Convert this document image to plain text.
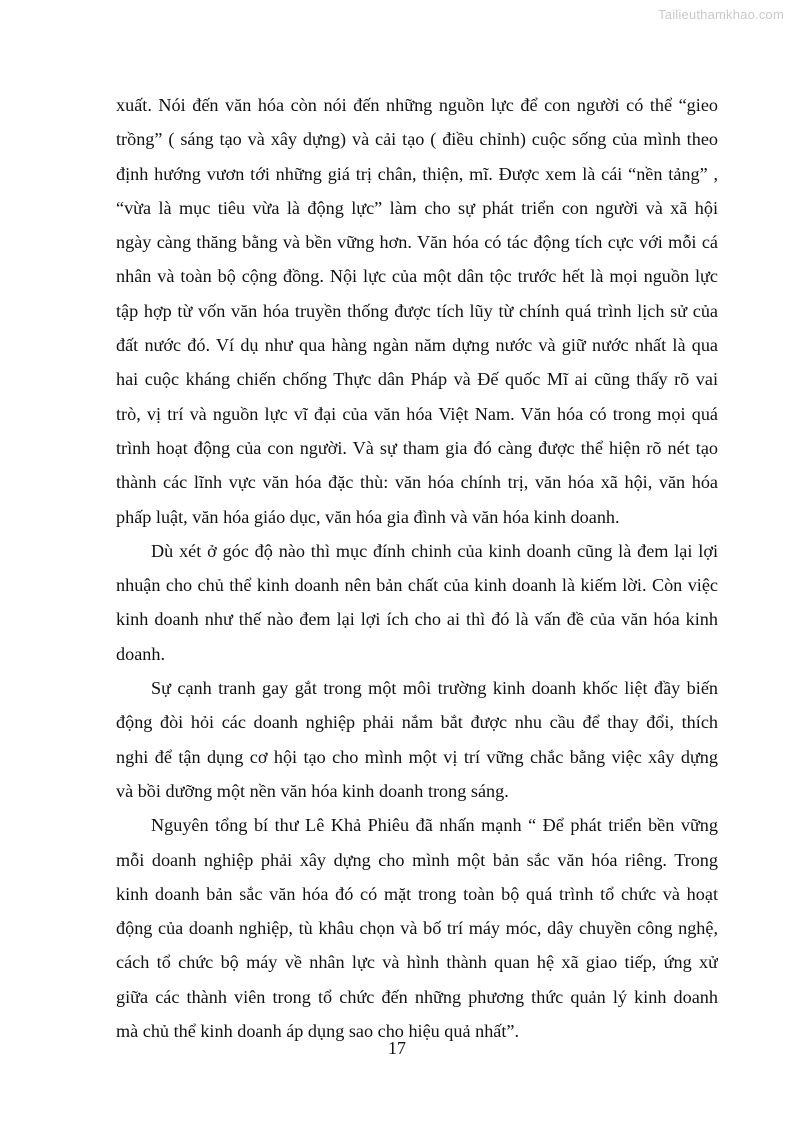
Tailieuthamkhao.com
xuất. Nói đến văn hóa còn nói đến những nguồn lực để con người có thể “gieo
trồng” ( sáng tạo và xây dựng) và cải tạo ( điều chỉnh) cuộc sống của mình theo
định hướng vươn tới những giá trị chân, thiện, mĩ. Được xem là cái “nền tảng” ,
“vừa là mục tiêu vừa là động lực” làm cho sự phát triển con người và xã hội
ngày càng thăng bằng và bền vững hơn. Văn hóa có tác động tích cực với mỗi cá
nhân và toàn bộ cộng đồng. Nội lực của một dân tộc trước hết là mọi nguồn lực
tập hợp từ vốn văn hóa truyền thống được tích lũy từ chính quá trình lịch sử của
đất nước đó. Ví dụ như qua hàng ngàn năm dựng nước và giữ nước nhất là qua
hai cuộc kháng chiến chống Thực dân Pháp và Đế quốc Mĩ ai cũng thấy rõ vai
trò, vị trí và nguồn lực vĩ đại của văn hóa Việt Nam. Văn hóa có trong mọi quá
trình hoạt động của con người. Và sự tham gia đó càng được thể hiện rõ nét tạo
thành các lĩnh vực văn hóa đặc thù: văn hóa chính trị, văn hóa xã hội, văn hóa
phấp luật, văn hóa giáo dục, văn hóa gia đình và văn hóa kinh doanh.
Dù xét ở góc độ nào thì mục đính chinh của kinh doanh cũng là đem lại lợi
nhuận cho chủ thể kinh doanh nên bản chất của kinh doanh là kiếm lời. Còn việc
kinh doanh như thế nào đem lại lợi ích cho ai thì đó là vấn đề của văn hóa kinh
doanh.
Sự cạnh tranh gay gắt trong một môi trường kinh doanh khốc liệt đầy biến
động đòi hỏi các doanh nghiệp phải nắm bắt được nhu cầu để thay đổi, thích
nghi để tận dụng cơ hội tạo cho mình một vị trí vững chắc bằng việc xây dựng
và bồi dưỡng một nền văn hóa kinh doanh trong sáng.
Nguyên tổng bí thư Lê Khả Phiêu đã nhấn mạnh “ Để phát triển bền vững
mỗi doanh nghiệp phải xây dựng cho mình một bản sắc văn hóa riêng. Trong
kinh doanh bản sắc văn hóa đó có mặt trong toàn bộ quá trình tổ chức và hoạt
động của doanh nghiệp, tù khâu chọn và bố trí máy móc, dây chuyền công nghệ,
cách tổ chức bộ máy về nhân lực và hình thành quan hệ xã giao tiếp, ứng xử
giữa các thành viên trong tổ chức đến những phương thức quản lý kinh doanh
mà chủ thể kinh doanh áp dụng sao cho hiệu quả nhất”.
17
